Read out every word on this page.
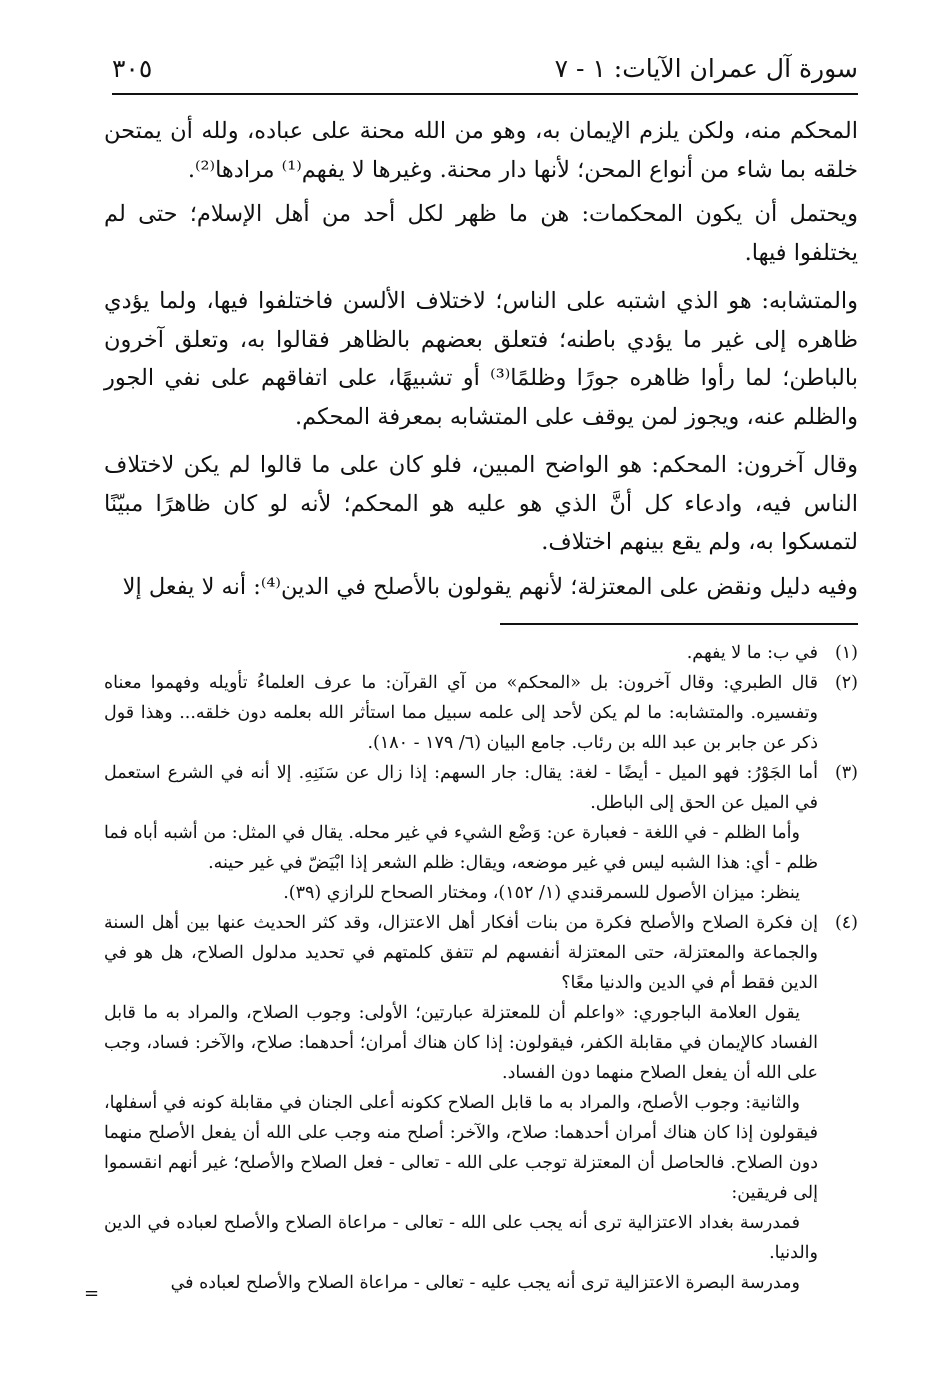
سورة آل عمران الآيات: ١ - ٧
٣٠٥

المحكم منه، ولكن يلزم الإيمان به، وهو من الله محنة على عباده، ولله أن يمتحن خلقه بما شاء من أنواع المحن؛ لأنها دار محنة. وغيرها لا يفهم⁽¹⁾ مرادها⁽²⁾.

ويحتمل أن يكون المحكمات: هن ما ظهر لكل أحد من أهل الإسلام؛ حتى لم يختلفوا فيها.

والمتشابه: هو الذي اشتبه على الناس؛ لاختلاف الألسن فاختلفوا فيها، ولما يؤدي ظاهره إلى غير ما يؤدي باطنه؛ فتعلق بعضهم بالظاهر فقالوا به، وتعلق آخرون بالباطن؛ لما رأوا ظاهره جورًا وظلمًا⁽³⁾ أو تشبيهًا، على اتفاقهم على نفي الجور والظلم عنه، ويجوز لمن يوقف على المتشابه بمعرفة المحكم.

وقال آخرون: المحكم: هو الواضح المبين، فلو كان على ما قالوا لم يكن لاختلاف الناس فيه، وادعاء كل أنَّ الذي هو عليه هو المحكم؛ لأنه لو كان ظاهرًا مبيّنًا لتمسكوا به، ولم يقع بينهم اختلاف.

وفيه دليل ونقض على المعتزلة؛ لأنهم يقولون بالأصلح في الدين⁽⁴⁾: أنه لا يفعل إلا

(١)

في ب: ما لا يفهم.

(٢)

قال الطبري: وقال آخرون: بل «المحكم» من آي القرآن: ما عرف العلماءُ تأويله وفهموا معناه وتفسيره. والمتشابه: ما لم يكن لأحد إلى علمه سبيل مما استأثر الله بعلمه دون خلقه... وهذا قول ذكر عن جابر بن عبد الله بن رئاب. جامع البيان (٦/ ١٧٩ - ١٨٠).

(٣)

أما الجَوْرُ: فهو الميل - أيضًا - لغة: يقال: جار السهم: إذا زال عن سَنَنِهِ. إلا أنه في الشرع استعمل في الميل عن الحق إلى الباطل.

وأما الظلم - في اللغة - فعبارة عن: وَضْع الشيء في غير محله. يقال في المثل: من أشبه أباه فما ظلم - أي: هذا الشبه ليس في غير موضعه، ويقال: ظلم الشعر إذا ابْيَضّ في غير حينه.

ينظر: ميزان الأصول للسمرقندي (١/ ١٥٢)، ومختار الصحاح للرازي (٣٩).

(٤)

إن فكرة الصلاح والأصلح فكرة من بنات أفكار أهل الاعتزال، وقد كثر الحديث عنها بين أهل السنة والجماعة والمعتزلة، حتى المعتزلة أنفسهم لم تتفق كلمتهم في تحديد مدلول الصلاح، هل هو في الدين فقط أم في الدين والدنيا معًا؟

يقول العلامة الباجوري: «واعلم أن للمعتزلة عبارتين؛ الأولى: وجوب الصلاح، والمراد به ما قابل الفساد كالإيمان في مقابلة الكفر، فيقولون: إذا كان هناك أمران؛ أحدهما: صلاح، والآخر: فساد، وجب على الله أن يفعل الصلاح منهما دون الفساد.

والثانية: وجوب الأصلح، والمراد به ما قابل الصلاح ككونه أعلى الجنان في مقابلة كونه في أسفلها، فيقولون إذا كان هناك أمران أحدهما: صلاح، والآخر: أصلح منه وجب على الله أن يفعل الأصلح منهما دون الصلاح. فالحاصل أن المعتزلة توجب على الله - تعالى - فعل الصلاح والأصلح؛ غير أنهم انقسموا إلى فريقين:

فمدرسة بغداد الاعتزالية ترى أنه يجب على الله - تعالى - مراعاة الصلاح والأصلح لعباده في الدين والدنيا.

ومدرسة البصرة الاعتزالية ترى أنه يجب عليه - تعالى - مراعاة الصلاح والأصلح لعباده في

=
